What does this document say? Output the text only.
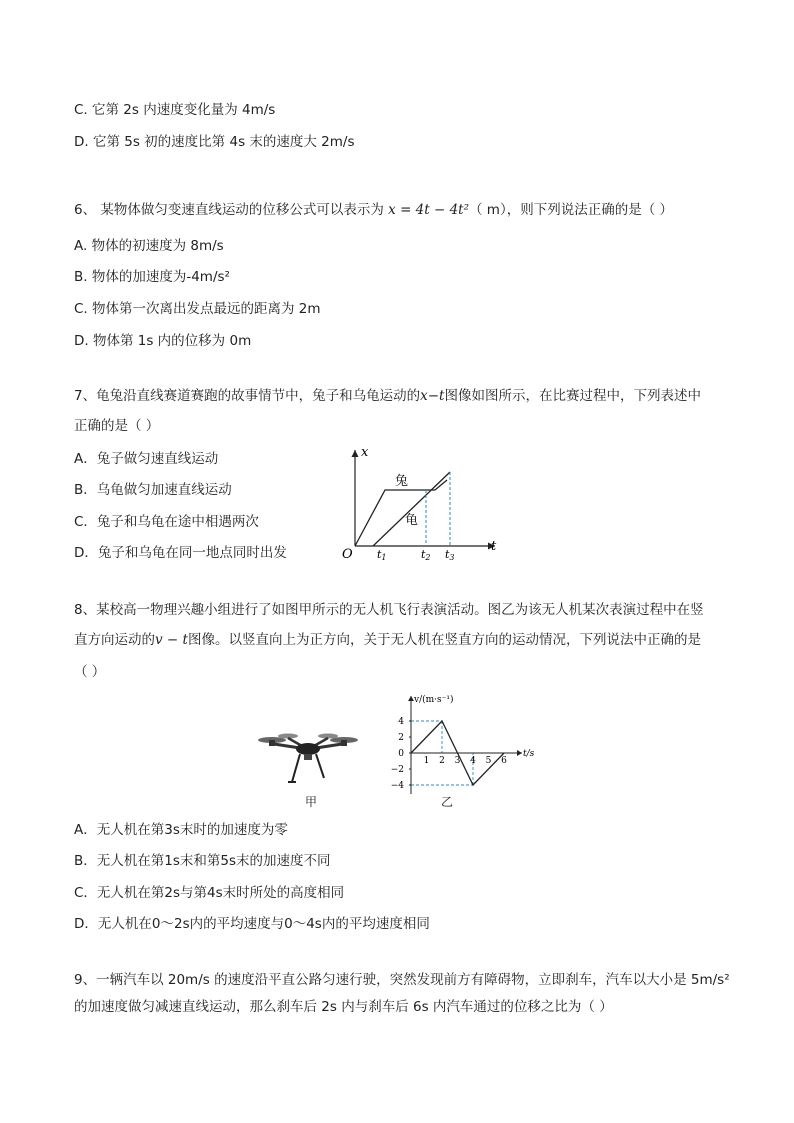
C. 它第 2s 内速度变化量为 4m/s
D. 它第 5s 初的速度比第 4s 末的速度大 2m/s
6、 某物体做匀变速直线运动的位移公式可以表示为 x = 4t − 4t²（ m），则下列说法正确的是（ ）
A. 物体的初速度为 8m/s
B. 物体的加速度为-4m/s²
C. 物体第一次离出发点最远的距离为 2m
D. 物体第 1s 内的位移为 0m
7、龟兔沿直线赛道赛跑的故事情节中，兔子和乌龟运动的x−t图像如图所示，在比赛过程中，下列表述中
正确的是（ ）
A．兔子做匀速直线运动
B．乌龟做匀加速直线运动
C．兔子和乌龟在途中相遇两次
D．兔子和乌龟在同一地点同时出发
x
t
O
兔
龟
t1	t2 t3
8、某校高一物理兴趣小组进行了如图甲所示的无人机飞行表演活动。图乙为该无人机某次表演过程中在竖
直方向运动的v − t图像。以竖直向上为正方向，关于无人机在竖直方向的运动情况，下列说法中正确的是
（ ）
甲
v/(m·s⁻¹)
t/s
4
2
0
−2
−4
1 2 3 4 5 6
乙
A．无人机在第3s末时的加速度为零
B．无人机在第1s末和第5s末的加速度不同
C．无人机在第2s与第4s末时所处的高度相同
D．无人机在0～2s内的平均速度与0～4s内的平均速度相同
9、一辆汽车以 20m/s 的速度沿平直公路匀速行驶，突然发现前方有障碍物，立即刹车，汽车以大小是 5m/s²
的加速度做匀减速直线运动，那么刹车后 2s 内与刹车后 6s 内汽车通过的位移之比为（ ）
